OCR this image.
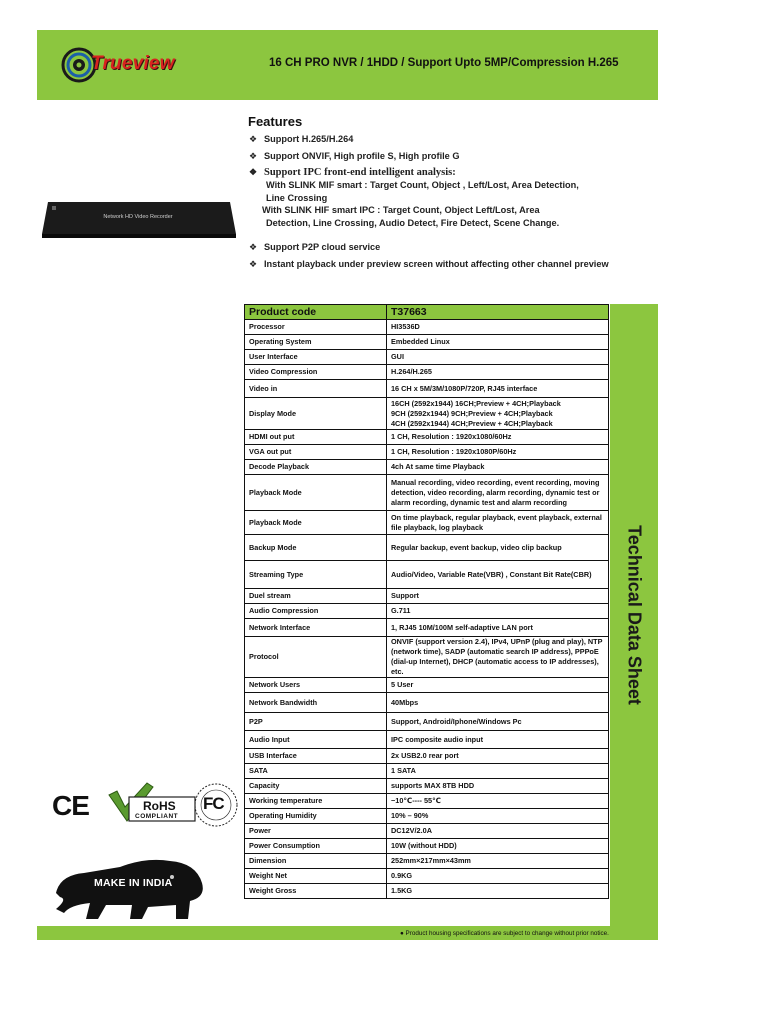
Trueview	16 CH PRO NVR / 1HDD / Support Upto 5MP/Compression H.265
Network HD Video Recorder
Features
❖ Support H.265/H.264
❖ Support ONVIF, High profile S, High profile G
❖ Support IPC front-end intelligent analysis:
With SLINK MIF smart : Target Count, Object , Left/Lost, Area Detection,
Line Crossing
With SLINK HIF smart IPC : Target Count, Object Left/Lost, Area
Detection, Line Crossing, Audio Detect, Fire Detect, Scene Change.
❖ Support P2P cloud service
❖ Instant playback under preview screen without affecting other channel preview
Technical Data Sheet
Product code	T37663
Processor	HI3536D
Operating System	Embedded Linux
User Interface	GUI
Video Compression	H.264/H.265
Video in	16 CH x 5M/3M/1080P/720P, RJ45 interface
Display Mode	16CH (2592x1944) 16CH;Preview + 4CH;Playback
9CH (2592x1944) 9CH;Preview + 4CH;Playback
4CH (2592x1944) 4CH;Preview + 4CH;Playback
HDMI out put	1 CH, Resolution : 1920x1080/60Hz
VGA out put	1 CH, Resolution : 1920x1080P/60Hz
Decode Playback	4ch At same time Playback
Playback Mode	Manual recording, video recording, event recording, moving detection, video recording, alarm recording, dynamic test or alarm recording, dynamic test and alarm recording
Playback Mode	On time playback, regular playback, event playback, external file playback, log playback
Backup Mode	Regular backup, event backup, video clip backup
Streaming Type	Audio/Video, Variable Rate(VBR) , Constant Bit Rate(CBR)
Duel stream	Support
Audio Compression	G.711
Network Interface	1, RJ45 10M/100M self-adaptive LAN port
Protocol	ONVIF (support version 2.4), IPv4, UPnP (plug and play), NTP (network time), SADP (automatic search IP address), PPPoE (dial-up Internet), DHCP (automatic access to IP addresses), etc.
Network Users	5 User
Network Bandwidth	40Mbps
P2P	Support, Android/Iphone/Windows Pc
Audio Input	IPC composite audio input
USB Interface	2x USB2.0 rear port
SATA	1 SATA
Capacity	supports MAX 8TB HDD
Working temperature	−10℃---- 55℃
Operating Humidity	10% – 90%
Power	DC12V/2.0A
Power Consumption	10W (without HDD)
Dimension	252mm×217mm×43mm
Weight Net	0.9KG
Weight Gross	1.5KG
● Product housing specifications are subject to change without prior notice.
CE	RoHS
COMPLIANT
FC
MAKE IN INDIA
